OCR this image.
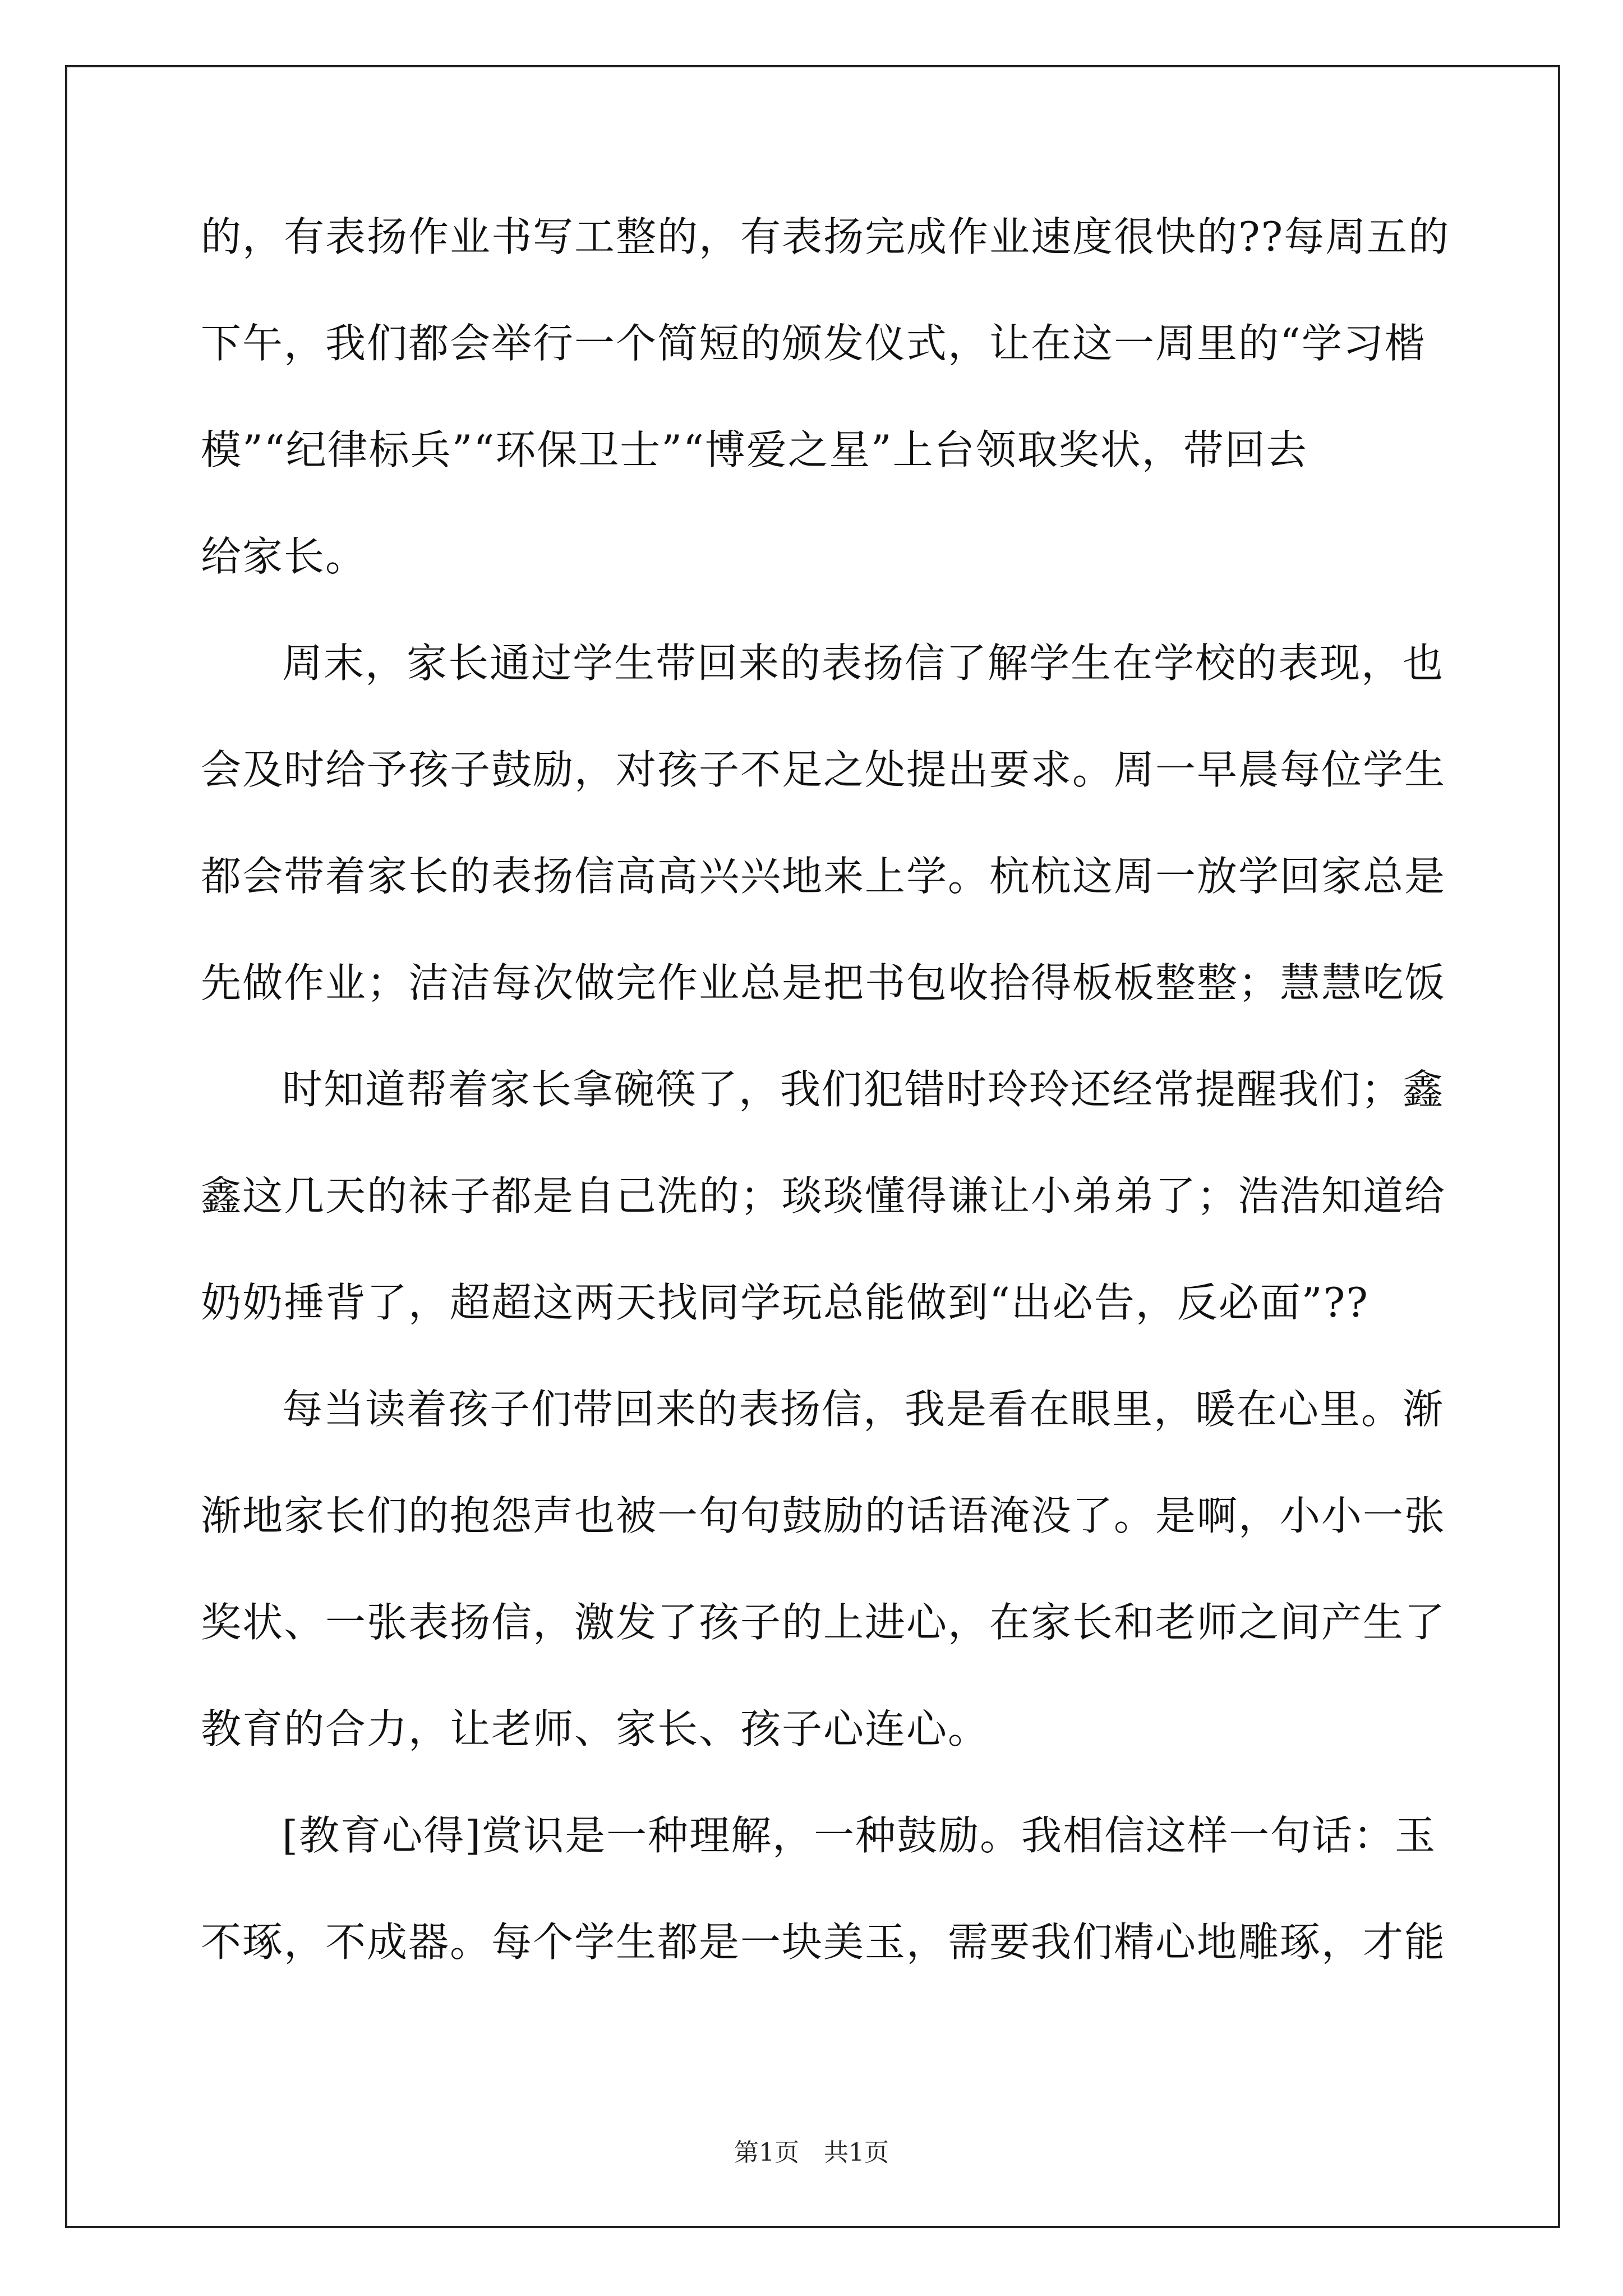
的，有表扬作业书写工整的，有表扬完成作业速度很快的??每周五的
下午，我们都会举行一个简短的颁发仪式，让在这一周里的“学习楷
模”“纪律标兵”“环保卫士”“博爱之星”上台领取奖状，带回去
给家长。
周末，家长通过学生带回来的表扬信了解学生在学校的表现，也
会及时给予孩子鼓励，对孩子不足之处提出要求。周一早晨每位学生
都会带着家长的表扬信高高兴兴地来上学。杭杭这周一放学回家总是
先做作业；洁洁每次做完作业总是把书包收拾得板板整整；慧慧吃饭
时知道帮着家长拿碗筷了，我们犯错时玲玲还经常提醒我们；鑫
鑫这几天的袜子都是自己洗的；琰琰懂得谦让小弟弟了；浩浩知道给
奶奶捶背了，超超这两天找同学玩总能做到“出必告，反必面”??
每当读着孩子们带回来的表扬信，我是看在眼里，暖在心里。渐
渐地家长们的抱怨声也被一句句鼓励的话语淹没了。是啊，小小一张
奖状、一张表扬信，激发了孩子的上进心，在家长和老师之间产生了
教育的合力，让老师、家长、孩子心连心。
[教育心得]赏识是一种理解，一种鼓励。我相信这样一句话：玉
不琢，不成器。每个学生都是一块美玉，需要我们精心地雕琢，才能
第1页　共1页
